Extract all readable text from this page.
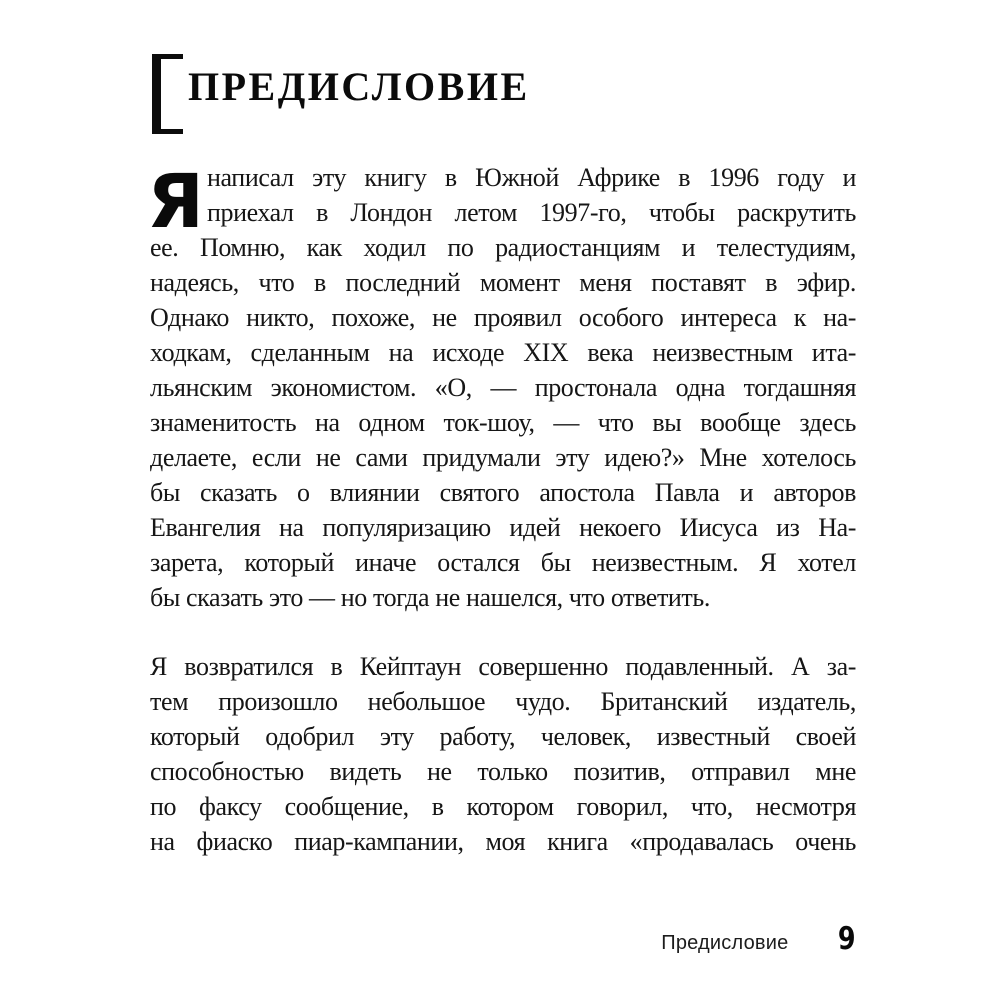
ПРЕДИСЛОВИЕ
Я написал эту книгу в Южной Африке в 1996 году и
приехал в Лондон летом 1997-го, чтобы раскрутить
ее. Помню, как ходил по радиостанциям и телестудиям,
надеясь, что в последний момент меня поставят в эфир.
Однако никто, похоже, не проявил особого интереса к на-
ходкам, сделанным на исходе XIX века неизвестным ита-
льянским экономистом. «О, — простонала одна тогдашняя
знаменитость на одном ток-шоу, — что вы вообще здесь
делаете, если не сами придумали эту идею?» Мне хотелось
бы сказать о влиянии святого апостола Павла и авторов
Евангелия на популяризацию идей некоего Иисуса из На-
зарета, который иначе остался бы неизвестным. Я хотел
бы сказать это — но тогда не нашелся, что ответить.
Я возвратился в Кейптаун совершенно подавленный. А за-
тем произошло небольшое чудо. Британский издатель,
который одобрил эту работу, человек, известный своей
способностью видеть не только позитив, отправил мне
по факсу сообщение, в котором говорил, что, несмотря
на фиаско пиар-кампании, моя книга «продавалась очень
Предисловие 9
